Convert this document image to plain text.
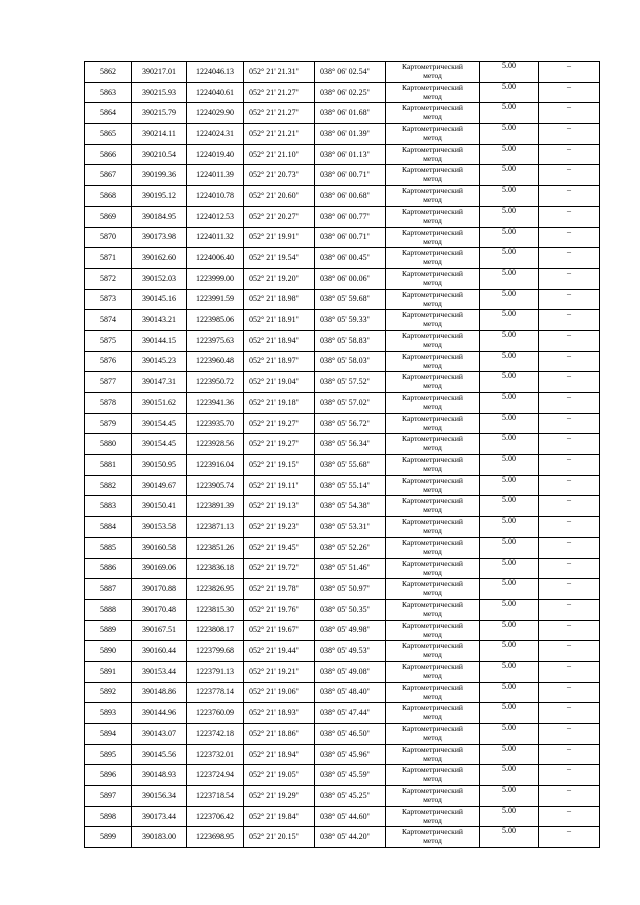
5862	390217.01	1224046.13	052° 21' 21.31"	038° 06' 02.54"	Картометрический
метод	5.00	–
5863	390215.93	1224040.61	052° 21' 21.27"	038° 06' 02.25"	Картометрический
метод	5.00	–
5864	390215.79	1224029.90	052° 21' 21.27"	038° 06' 01.68"	Картометрический
метод	5.00	–
5865	390214.11	1224024.31	052° 21' 21.21"	038° 06' 01.39"	Картометрический
метод	5.00	–
5866	390210.54	1224019.40	052° 21' 21.10"	038° 06' 01.13"	Картометрический
метод	5.00	–
5867	390199.36	1224011.39	052° 21' 20.73"	038° 06' 00.71"	Картометрический
метод	5.00	–
5868	390195.12	1224010.78	052° 21' 20.60"	038° 06' 00.68"	Картометрический
метод	5.00	–
5869	390184.95	1224012.53	052° 21' 20.27"	038° 06' 00.77"	Картометрический
метод	5.00	–
5870	390173.98	1224011.32	052° 21' 19.91"	038° 06' 00.71"	Картометрический
метод	5.00	–
5871	390162.60	1224006.40	052° 21' 19.54"	038° 06' 00.45"	Картометрический
метод	5.00	–
5872	390152.03	1223999.00	052° 21' 19.20"	038° 06' 00.06"	Картометрический
метод	5.00	–
5873	390145.16	1223991.59	052° 21' 18.98"	038° 05' 59.68"	Картометрический
метод	5.00	–
5874	390143.21	1223985.06	052° 21' 18.91"	038° 05' 59.33"	Картометрический
метод	5.00	–
5875	390144.15	1223975.63	052° 21' 18.94"	038° 05' 58.83"	Картометрический
метод	5.00	–
5876	390145.23	1223960.48	052° 21' 18.97"	038° 05' 58.03"	Картометрический
метод	5.00	–
5877	390147.31	1223950.72	052° 21' 19.04"	038° 05' 57.52"	Картометрический
метод	5.00	–
5878	390151.62	1223941.36	052° 21' 19.18"	038° 05' 57.02"	Картометрический
метод	5.00	–
5879	390154.45	1223935.70	052° 21' 19.27"	038° 05' 56.72"	Картометрический
метод	5.00	–
5880	390154.45	1223928.56	052° 21' 19.27"	038° 05' 56.34"	Картометрический
метод	5.00	–
5881	390150.95	1223916.04	052° 21' 19.15"	038° 05' 55.68"	Картометрический
метод	5.00	–
5882	390149.67	1223905.74	052° 21' 19.11"	038° 05' 55.14"	Картометрический
метод	5.00	–
5883	390150.41	1223891.39	052° 21' 19.13"	038° 05' 54.38"	Картометрический
метод	5.00	–
5884	390153.58	1223871.13	052° 21' 19.23"	038° 05' 53.31"	Картометрический
метод	5.00	–
5885	390160.58	1223851.26	052° 21' 19.45"	038° 05' 52.26"	Картометрический
метод	5.00	–
5886	390169.06	1223836.18	052° 21' 19.72"	038° 05' 51.46"	Картометрический
метод	5.00	–
5887	390170.88	1223826.95	052° 21' 19.78"	038° 05' 50.97"	Картометрический
метод	5.00	–
5888	390170.48	1223815.30	052° 21' 19.76"	038° 05' 50.35"	Картометрический
метод	5.00	–
5889	390167.51	1223808.17	052° 21' 19.67"	038° 05' 49.98"	Картометрический
метод	5.00	–
5890	390160.44	1223799.68	052° 21' 19.44"	038° 05' 49.53"	Картометрический
метод	5.00	–
5891	390153.44	1223791.13	052° 21' 19.21"	038° 05' 49.08"	Картометрический
метод	5.00	–
5892	390148.86	1223778.14	052° 21' 19.06"	038° 05' 48.40"	Картометрический
метод	5.00	–
5893	390144.96	1223760.09	052° 21' 18.93"	038° 05' 47.44"	Картометрический
метод	5.00	–
5894	390143.07	1223742.18	052° 21' 18.86"	038° 05' 46.50"	Картометрический
метод	5.00	–
5895	390145.56	1223732.01	052° 21' 18.94"	038° 05' 45.96"	Картометрический
метод	5.00	–
5896	390148.93	1223724.94	052° 21' 19.05"	038° 05' 45.59"	Картометрический
метод	5.00	–
5897	390156.34	1223718.54	052° 21' 19.29"	038° 05' 45.25"	Картометрический
метод	5.00	–
5898	390173.44	1223706.42	052° 21' 19.84"	038° 05' 44.60"	Картометрический
метод	5.00	–
5899	390183.00	1223698.95	052° 21' 20.15"	038° 05' 44.20"	Картометрический
метод	5.00	–
